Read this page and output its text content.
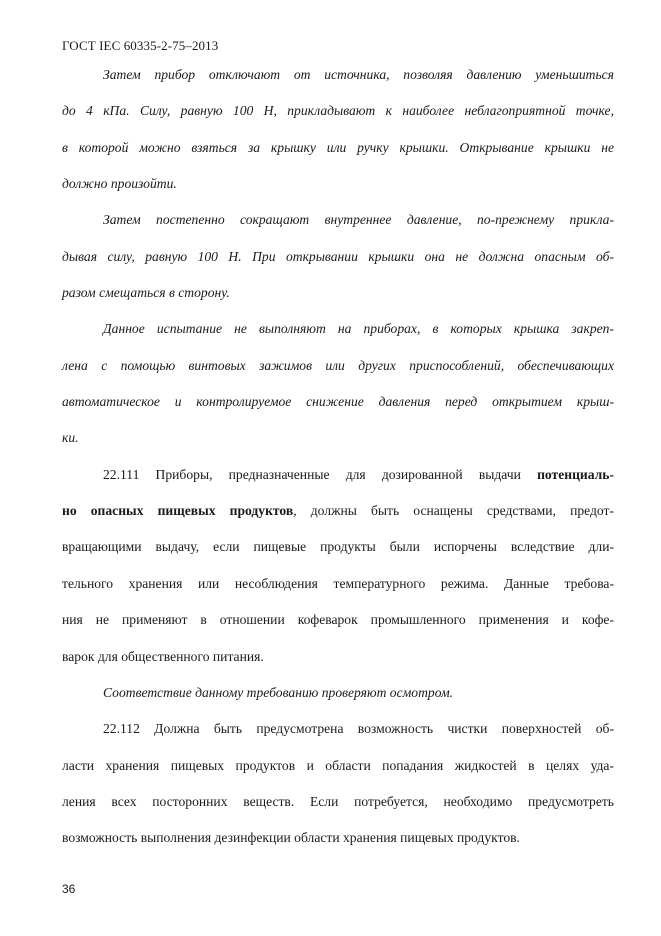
ГОСТ IEC 60335-2-75–2013
Затем прибор отключают от источника, позволяя давлению уменьшиться
до 4 кПа. Силу, равную 100 Н, прикладывают к наиболее неблагоприятной точке,
в которой можно взяться за крышку или ручку крышки. Открывание крышки не
должно произойти.
Затем постепенно сокращают внутреннее давление, по-прежнему прикла-
дывая силу, равную 100 Н. При открывании крышки она не должна опасным об-
разом смещаться в сторону.
Данное испытание не выполняют на приборах, в которых крышка закреп-
лена с помощью винтовых зажимов или других приспособлений, обеспечивающих
автоматическое и контролируемое снижение давления перед открытием крыш-
ки.
22.111 Приборы, предназначенные для дозированной выдачи потенциаль-
но опасных пищевых продуктов, должны быть оснащены средствами, предот-
вращающими выдачу, если пищевые продукты были испорчены вследствие дли-
тельного хранения или несоблюдения температурного режима. Данные требова-
ния не применяют в отношении кофеварок промышленного применения и кофе-
варок для общественного питания.
Соответствие данному требованию проверяют осмотром.
22.112 Должна быть предусмотрена возможность чистки поверхностей об-
ласти хранения пищевых продуктов и области попадания жидкостей в целях уда-
ления всех посторонних веществ. Если потребуется, необходимо предусмотреть
возможность выполнения дезинфекции области хранения пищевых продуктов.
36
